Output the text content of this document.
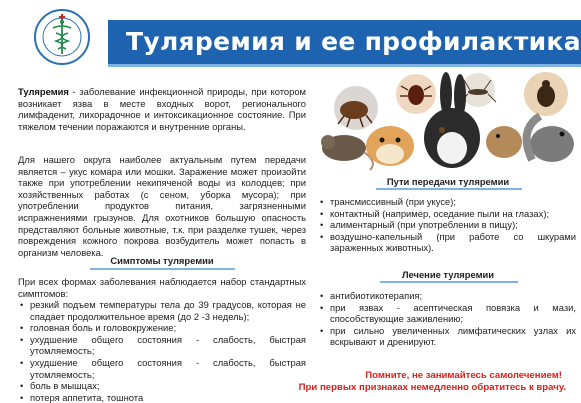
Туляремия и ее профилактика
Туляремия - заболевание инфекционной природы, при котором возникает язва в месте входных ворот, регионального лимфаденит, лихорадочное и интоксикационное состояние. При тяжелом течении поражаются и внутренние органы.
Для нашего округа наиболее актуальным путем передачи является – укус комара или мошки. Заражение может произойти также при употреблении некипяченой воды из колодцев; при хозяйственных работах (с сеном, уборка мусора); при употреблении продуктов питания, загрязненными испражнениями грызунов. Для охотников большую опасность представляют больные животные, т.к. при разделке тушек, через повреждения кожного покрова возбудитель может попасть в организм человека.
Симптомы туляремии
При всех формах заболевания наблюдается набор стандартных симптомов:
• резкий подъем температуры тела до 39 градусов, которая не спадает продолжительное время (до 2 -3 недель);
• головная боль и головокружение;
• ухудшение общего состояния - слабость, быстрая утомляемость;
• ухудшение общего состояния - слабость, быстрая утомляемость;
• боль в мышцах;
• потеря аппетита, тошнота
Пути передачи туляремии
• трансмиссивный (при укусе);
• контактный (например, оседание пыли на глазах);
• алиментарный (при употреблении в пищу);
• воздушно-капельный (при работе со шкурами зараженных животных).
Лечение туляремии
• антибиотикотерапия;
• при язвах - асептическая повязка и мази, способствующие заживлению;
• при сильно увеличенных лимфатических узлах их вскрывают и дренируют.
Помните, не занимайтесь самолечением!
При первых признаках немедленно обратитесь к врачу.
